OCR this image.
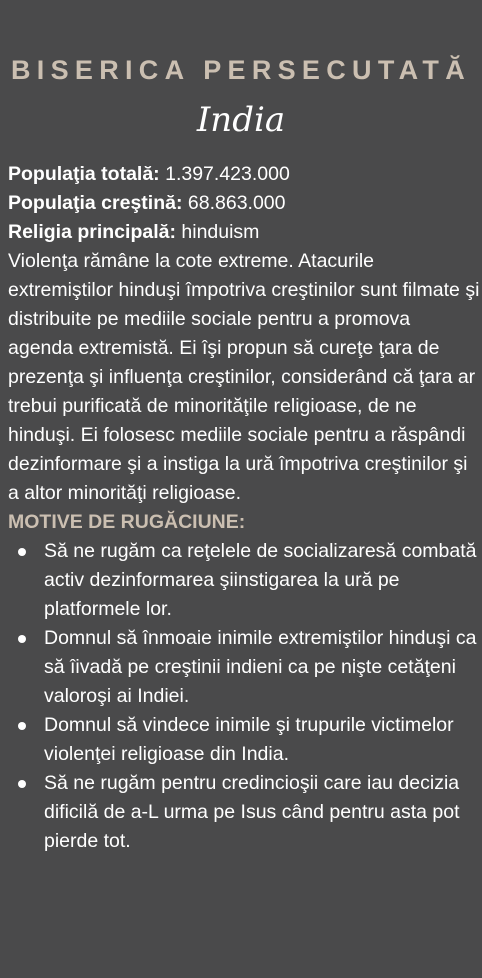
BISERICA PERSECUTATĂ
India
Populaţia totală: 1.397.423.000
Populaţia creştină: 68.863.000
Religia principală: hinduism

Violenţa rămâne la cote extreme. Atacurile extremiştilor hinduşi împotriva creştinilor sunt filmate şi distribuite pe mediile sociale pentru a promova agenda extremistă. Ei îşi propun să cureţe ţara de prezenţa şi influenţa creştinilor, considerând că ţara ar trebui purificată de minorităţile religioase, de ne hinduşi. Ei folosesc mediile sociale pentru a răspândi dezinformare şi a instiga la ură împotriva creştinilor şi a altor minorităţi religioase.

MOTIVE DE RUGĂCIUNE:

Să ne rugăm ca reţelele de socializaresă combată activ dezinformarea şiinstigarea la ură pe platformele lor.
Domnul să înmoaie inimile extremiştilor hinduşi ca să îivadă pe creştinii indieni ca pe nişte cetăţeni valoroşi ai Indiei.
Domnul să vindece inimile şi trupurile victimelor violenţei religioase din India.
Să ne rugăm pentru credincioşii care iau decizia dificilă de a-L urma pe Isus când pentru asta pot pierde tot.
